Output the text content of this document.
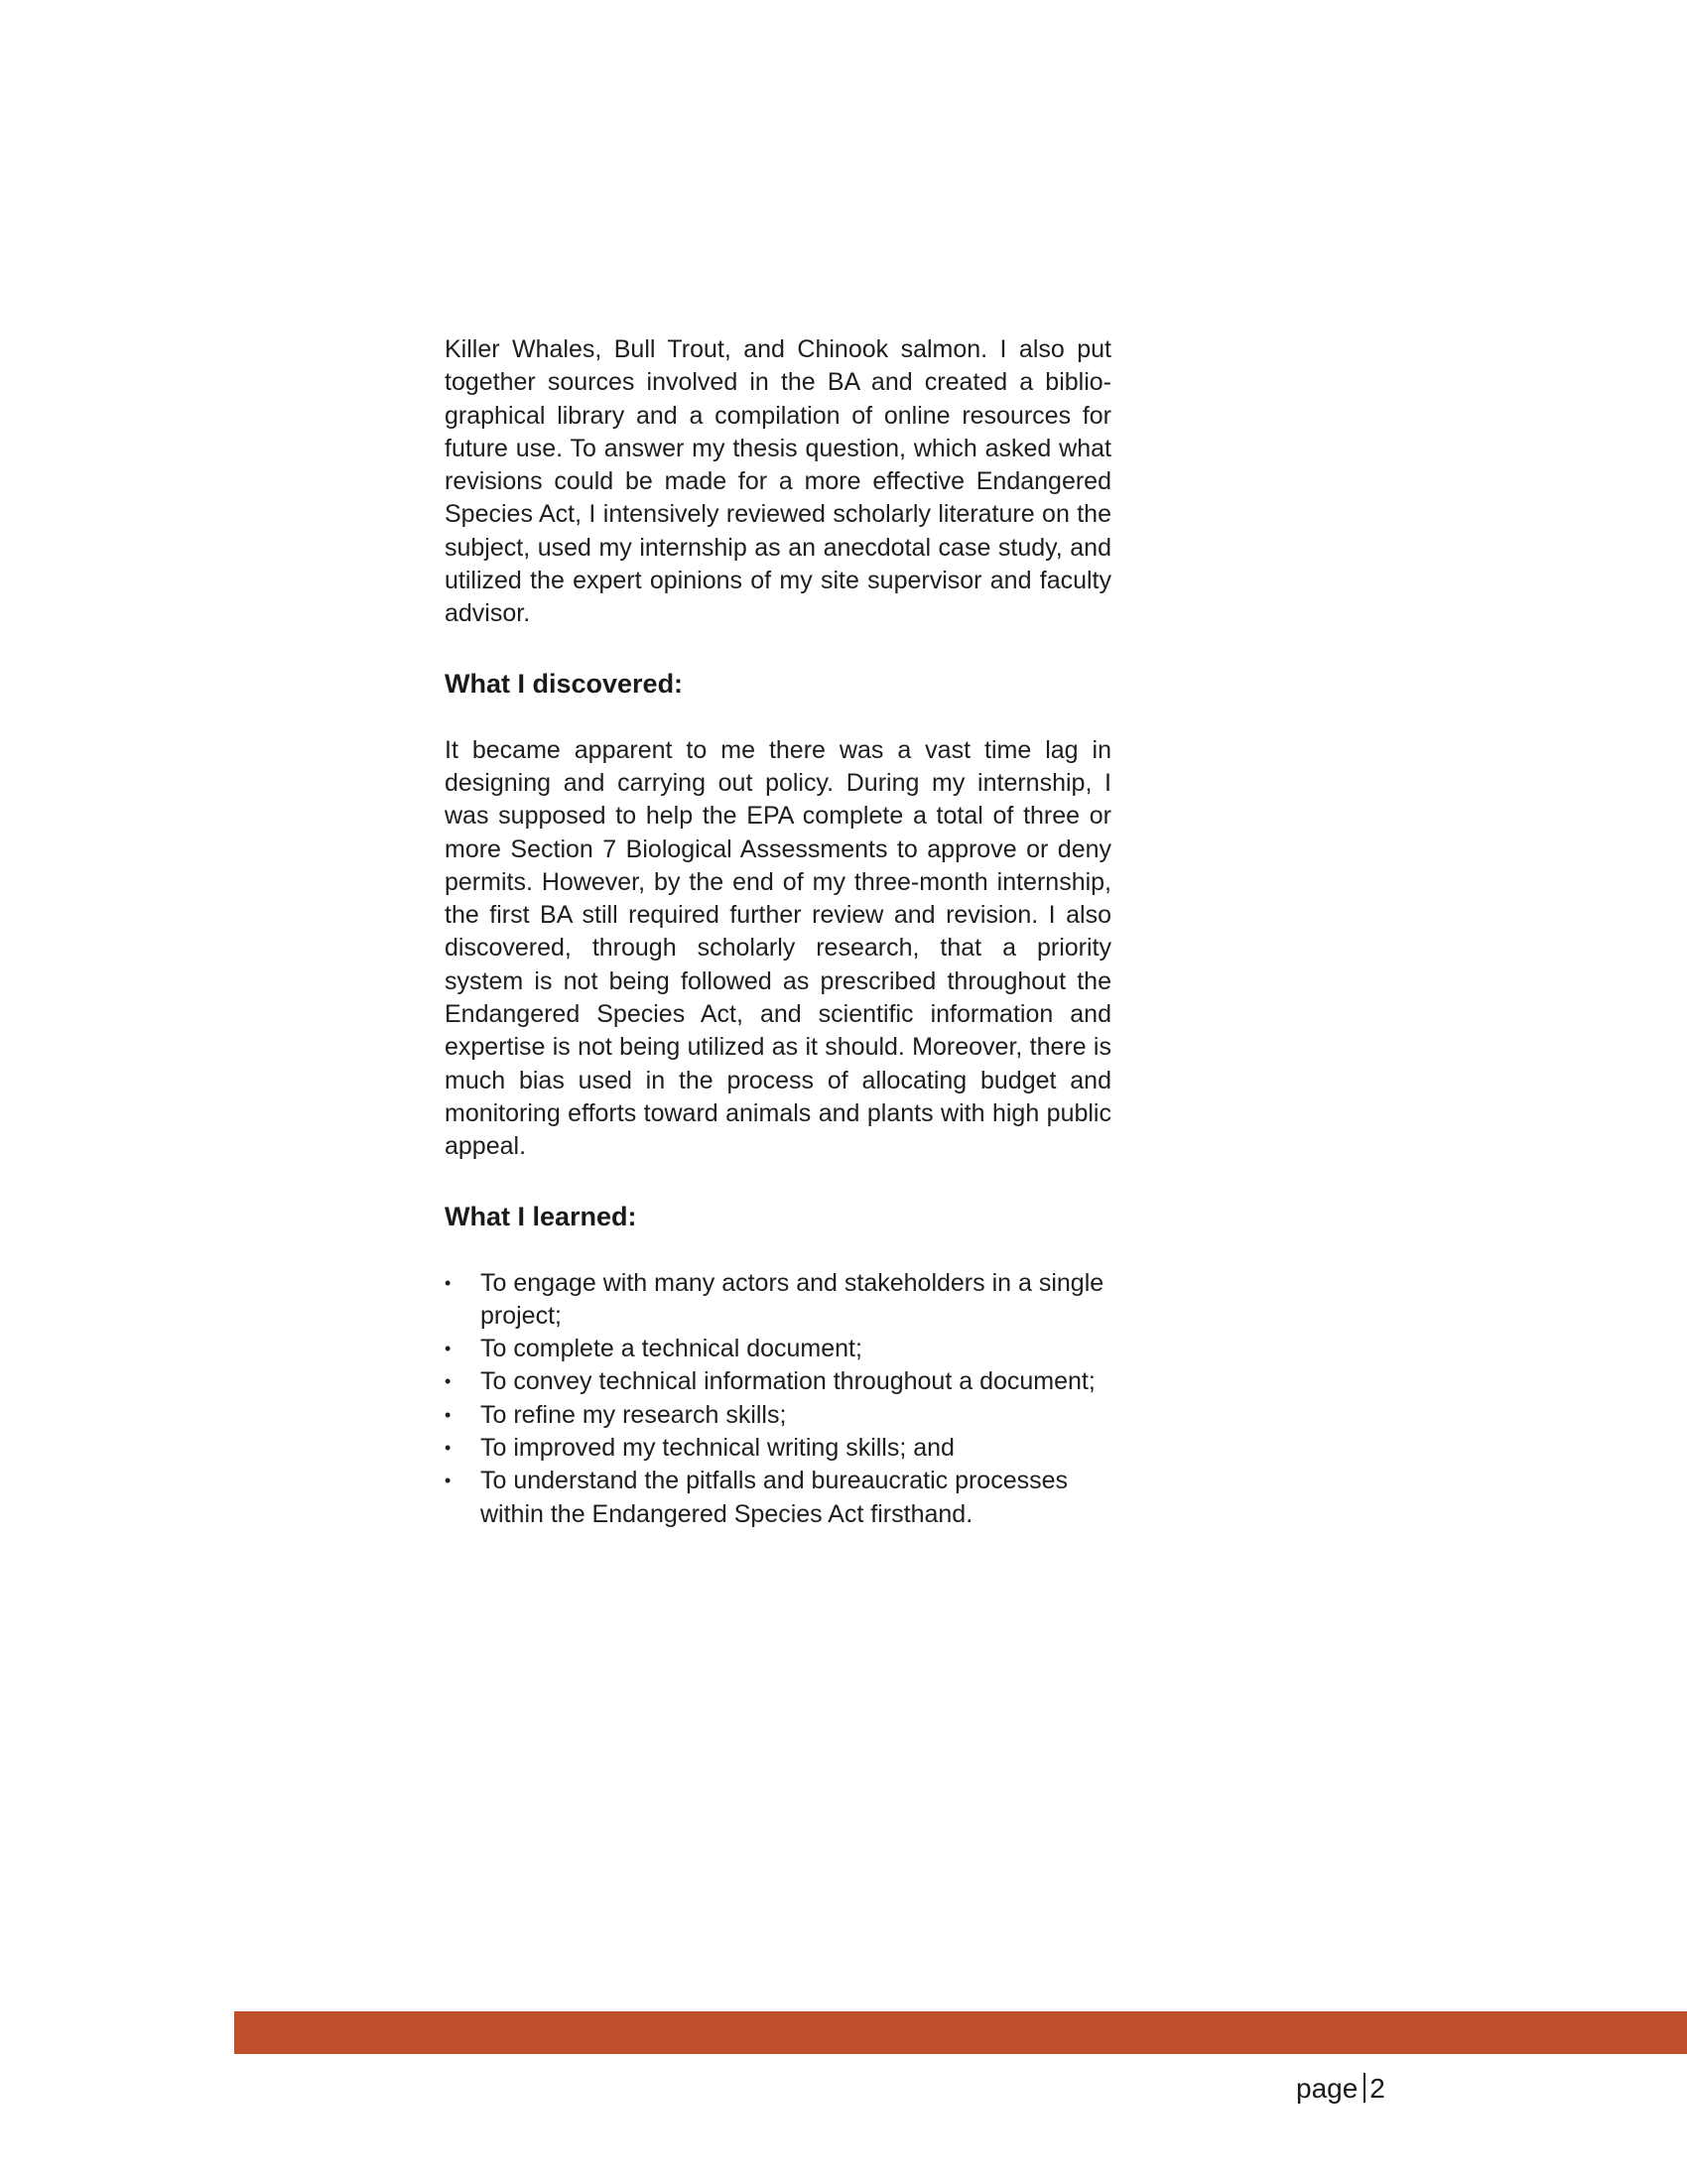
Killer Whales, Bull Trout, and Chinook salmon. I also put together sources involved in the BA and created a bibliographical library and a compilation of online resources for future use. To answer my thesis question, which asked what revisions could be made for a more effective Endangered Species Act, I intensively reviewed scholarly literature on the subject, used my internship as an anecdotal case study, and utilized the expert opinions of my site supervisor and faculty advisor.

What I discovered:

It became apparent to me there was a vast time lag in designing and carrying out policy. During my internship, I was supposed to help the EPA complete a total of three or more Section 7 Biological Assessments to approve or deny permits. However, by the end of my three-month internship, the first BA still required further review and revision. I also discovered, through scholarly research, that a priority system is not being followed as prescribed throughout the Endangered Species Act, and scientific information and expertise is not being utilized as it should. Moreover, there is much bias used in the process of allocating budget and monitoring efforts toward animals and plants with high public appeal.

What I learned:
• To engage with many actors and stakeholders in a single project;
• To complete a technical document;
• To convey technical information throughout a document;
• To refine my research skills;
• To improved my technical writing skills; and
• To understand the pitfalls and bureaucratic processes within the Endangered Species Act firsthand.
page 2
